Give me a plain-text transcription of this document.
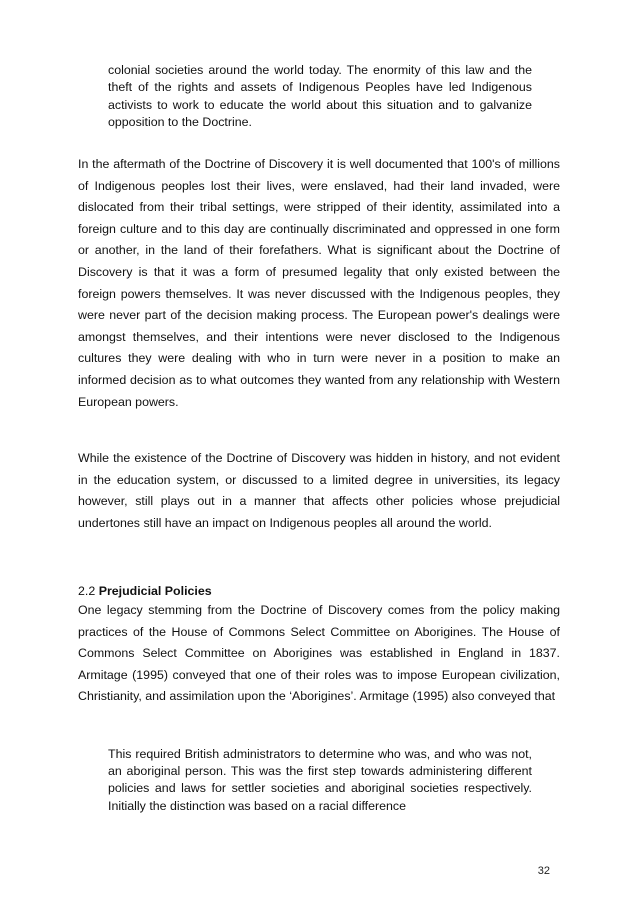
colonial societies around the world today. The enormity of this law and the theft of the rights and assets of Indigenous Peoples have led Indigenous activists to work to educate the world about this situation and to galvanize opposition to the Doctrine.

In the aftermath of the Doctrine of Discovery it is well documented that 100's of millions of Indigenous peoples lost their lives, were enslaved, had their land invaded, were dislocated from their tribal settings, were stripped of their identity, assimilated into a foreign culture and to this day are continually discriminated and oppressed in one form or another, in the land of their forefathers. What is significant about the Doctrine of Discovery is that it was a form of presumed legality that only existed between the foreign powers themselves. It was never discussed with the Indigenous peoples, they were never part of the decision making process. The European power's dealings were amongst themselves, and their intentions were never disclosed to the Indigenous cultures they were dealing with who in turn were never in a position to make an informed decision as to what outcomes they wanted from any relationship with Western European powers.

While the existence of the Doctrine of Discovery was hidden in history, and not evident in the education system, or discussed to a limited degree in universities, its legacy however, still plays out in a manner that affects other policies whose prejudicial undertones still have an impact on Indigenous peoples all around the world.

2.2 Prejudicial Policies

One legacy stemming from the Doctrine of Discovery comes from the policy making practices of the House of Commons Select Committee on Aborigines. The House of Commons Select Committee on Aborigines was established in England in 1837. Armitage (1995) conveyed that one of their roles was to impose European civilization, Christianity, and assimilation upon the ‘Aborigines’. Armitage (1995) also conveyed that

This required British administrators to determine who was, and who was not, an aboriginal person. This was the first step towards administering different policies and laws for settler societies and aboriginal societies respectively. Initially the distinction was based on a racial difference
32
